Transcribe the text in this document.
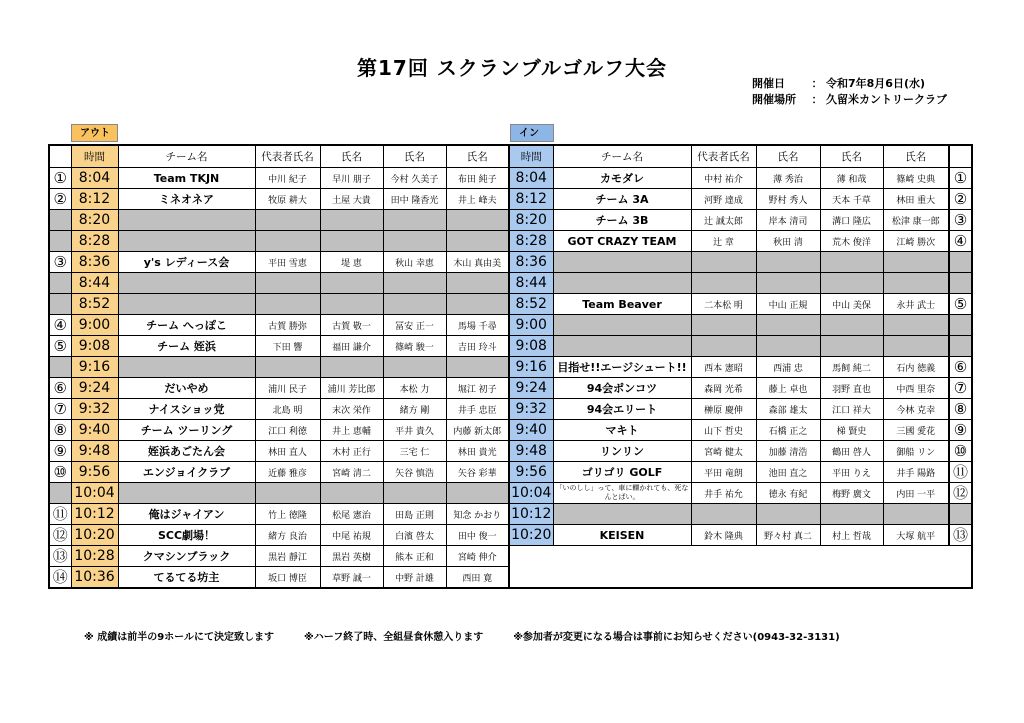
第17回 スクランブルゴルフ大会
開催日 ： 令和7年8月6日(水)
開催場所 ： 久留米カントリークラブ
アウト	イン
	時間	チーム名	代表者氏名	氏名	氏名	氏名	時間	チーム名	代表者氏名	氏名	氏名	氏名	
①	8:04	Team TKJN	中川 紀子	早川 朋子	今村 久美子	布田 純子	8:04	カモダレ	中村 祐介	薄 秀治	薄 和哉	篠崎 史典	①
②	8:12	ミネオネア	牧原 耕大	土屋 大貴	田中 隆香光	井上 峰夫	8:12	チーム 3A	河野 達成	野村 秀人	天本 千草	林田 重大	②
	8:20						8:20	チーム 3B	辻 誠太郎	岸本 清司	溝口 隆広	松津 康一郎	③
	8:28						8:28	GOT CRAZY TEAM	辻 章	秋田 清	荒木 俊洋	江崎 勝次	④
③	8:36	y's レディース会	平田 雪恵	堤 恵	秋山 幸恵	木山 真由美	8:36						
	8:44						8:44						
	8:52						8:52	Team Beaver	二本松 明	中山 正規	中山 美保	永井 武士	⑤
④	9:00	チーム へっぽこ	古賀 勝弥	古賀 敬一	冨安 正一	馬場 千尋	9:00						
⑤	9:08	チーム 姪浜	下田 響	福田 謙介	篠崎 駿一	吉田 玲斗	9:08						
	9:16						9:16	目指せ!!エージシュート!!	西本 憲昭	西浦 忠	馬飼 純二	石内 徳義	⑥
⑥	9:24	だいやめ	浦川 民子	浦川 芳比郎	本松 力	堀江 初子	9:24	94会ポンコツ	森岡 光希	藤上 卓也	羽野 直也	中西 里奈	⑦
⑦	9:32	ナイスショッ党	北島 明	末次 栄作	緒方 剛	井手 忠臣	9:32	94会エリート	榊原 慶伸	森部 雄太	江口 祥大	今林 克幸	⑧
⑧	9:40	チーム ツーリング	江口 利徳	井上 恵輔	平井 貴久	内藤 新太郎	9:40	マキト	山下 哲史	石橋 正之	梯 賢史	三國 愛花	⑨
⑨	9:48	姪浜あごたん会	林田 直人	木村 正行	三宅 仁	林田 貴光	9:48	リンリン	宮崎 健太	加藤 清浩	鶴田 啓人	御船 リン	⑩
⑩	9:56	エンジョイクラブ	近藤 雅彦	宮崎 清二	矢谷 慎浩	矢谷 彩華	9:56	ゴリゴリ GOLF	平田 竜朗	池田 直之	平田 りえ	井手 陽路	⑪
	10:04						10:04	「いのしし」って、車に轢かれても、死なんとばい。	井手 祐允	徳永 有紀	梅野 廣文	内田 一平	⑫
⑪	10:12	俺はジャイアン	竹上 徳隆	松尾 憲治	田島 正則	知念 かおり	10:12						
⑫	10:20	SCC劇場！	緒方 良治	中尾 祐規	白濱 啓太	田中 俊一	10:20	KEISEN	鈴木 隆典	野々村 真二	村上 哲哉	大塚 航平	⑬
⑬	10:28	クマシンブラック	黒岩 靜江	黒岩 英樹	熊本 正和	宮崎 伸介							
⑭	10:36	てるてる坊主	坂口 博臣	草野 誠一	中野 計雄	西田 寛							
※ 成績は前半の9ホールにて決定致します	※ハーフ終了時、全組昼食休憩入ります	※参加者が変更になる場合は事前にお知らせください(0943-32-3131)
